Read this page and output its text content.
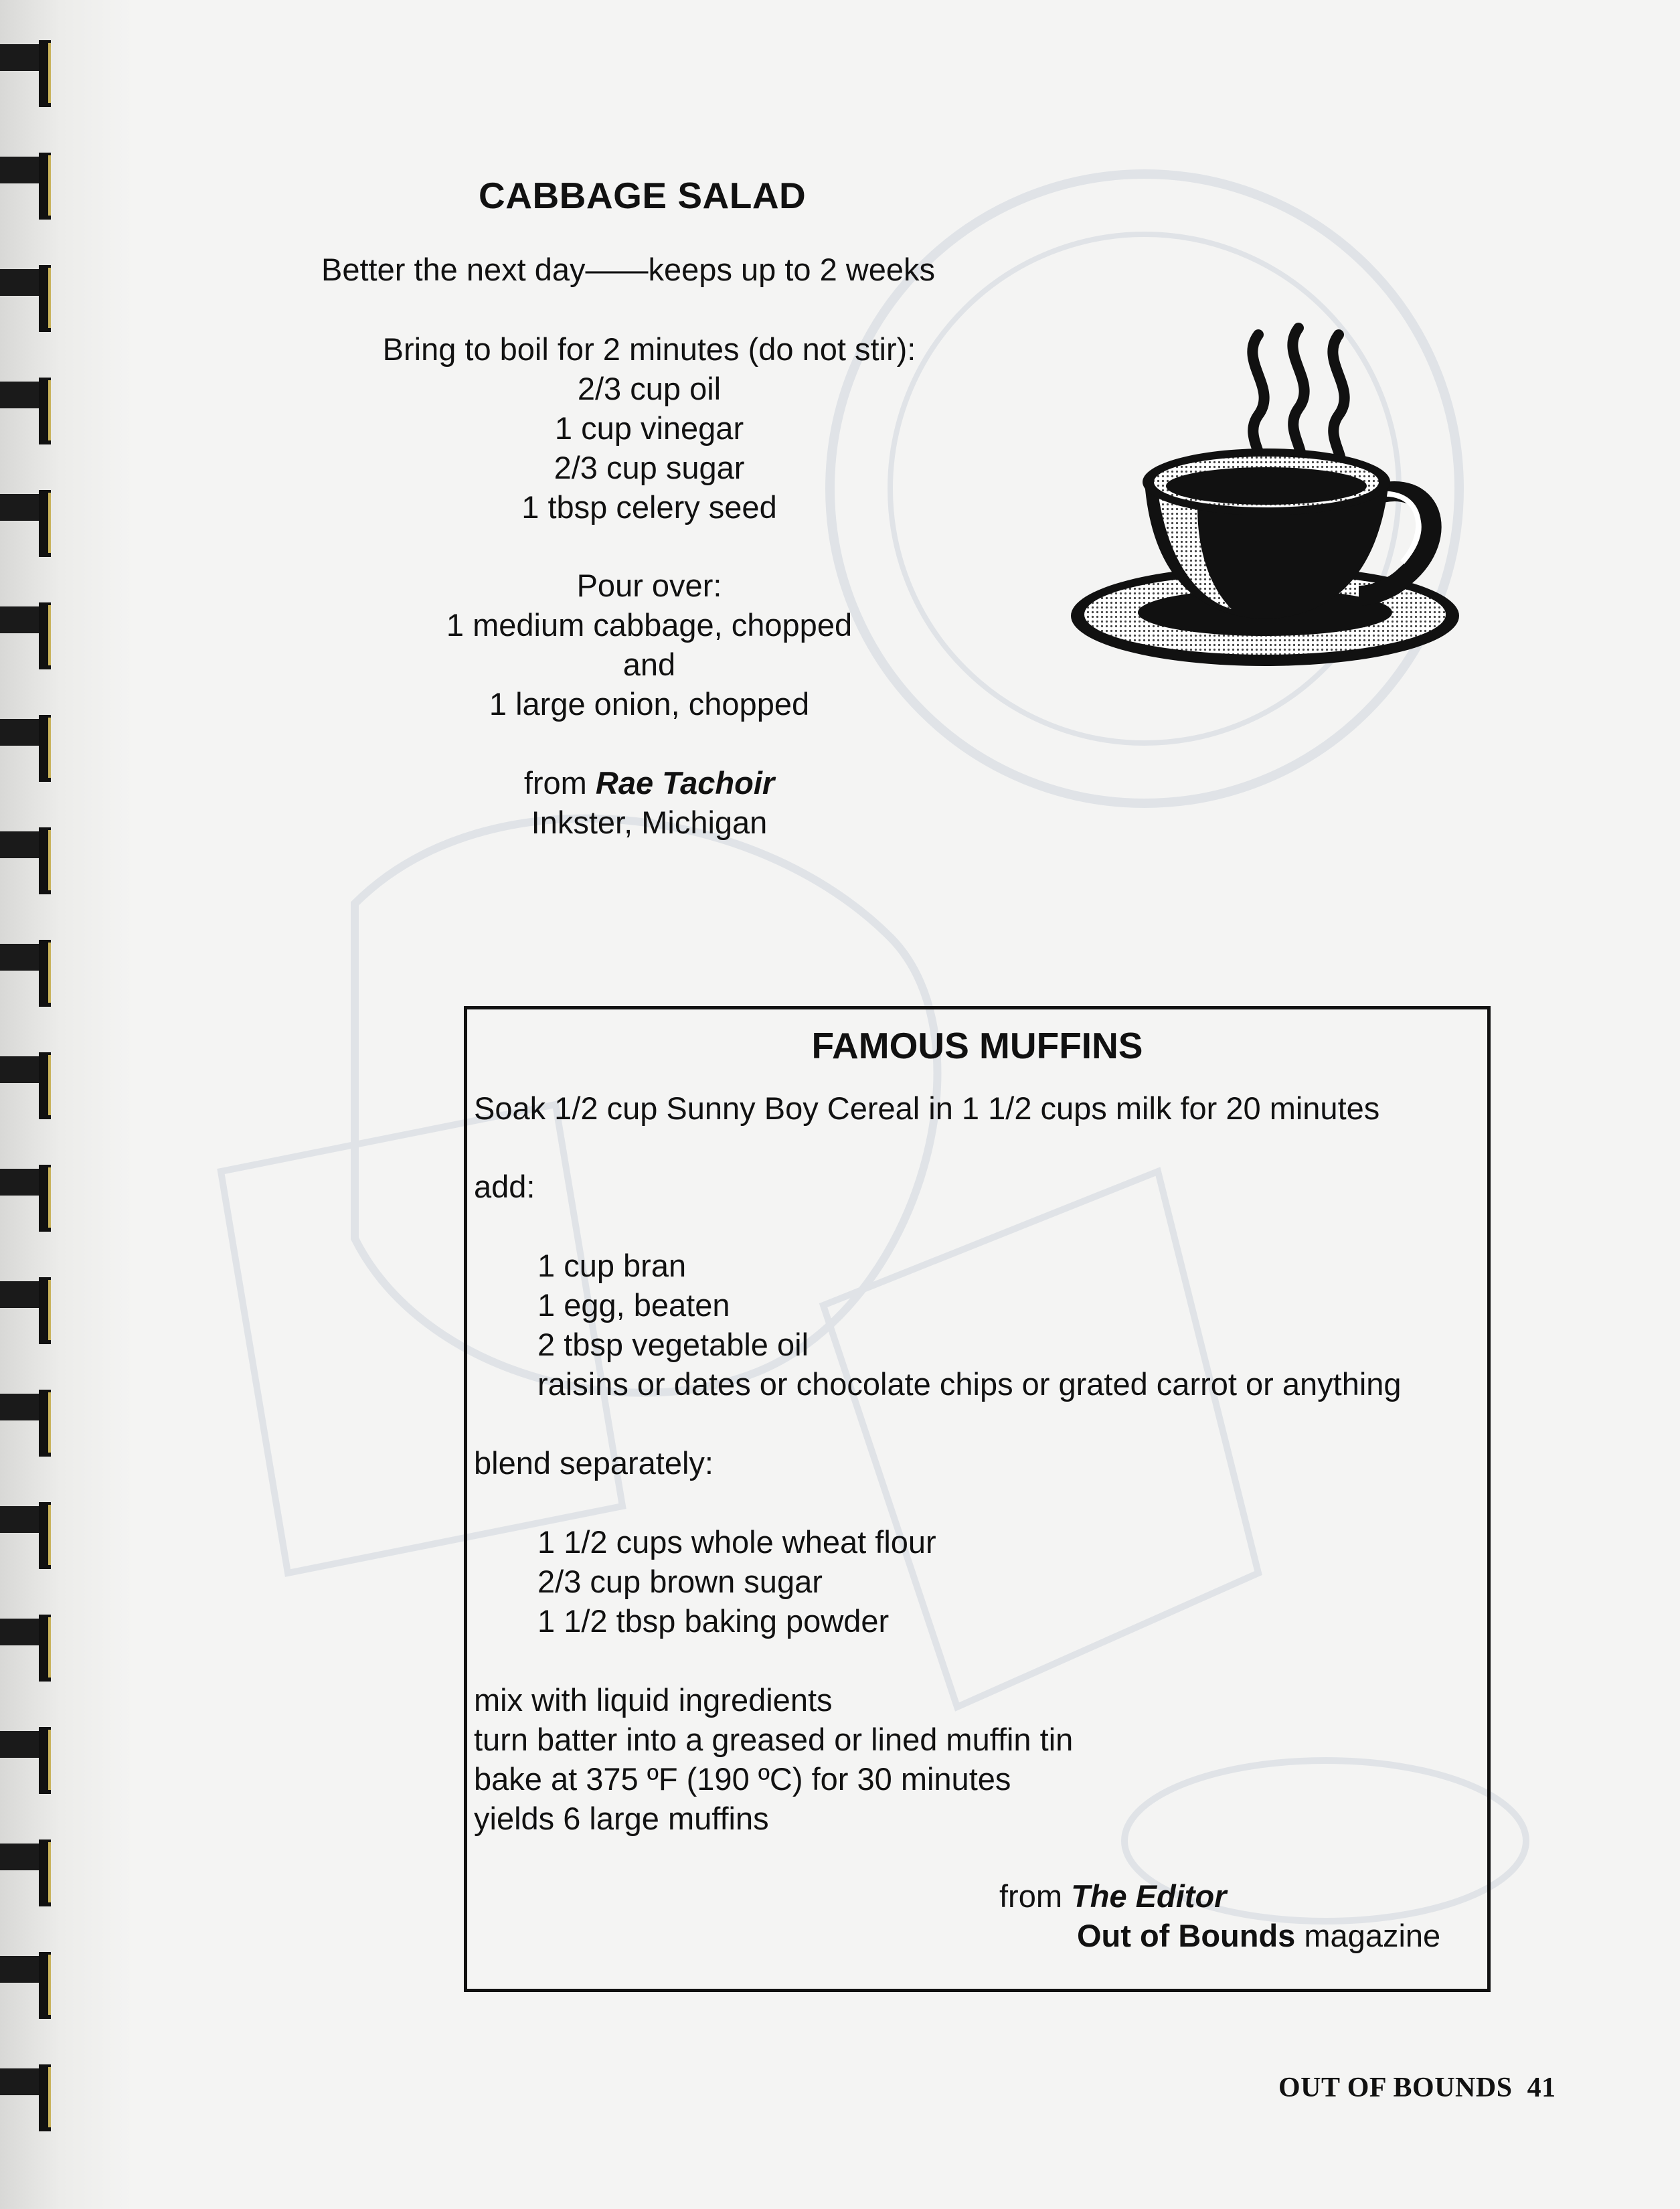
CABBAGE SALAD
Better the next day——keeps up to 2 weeks
Bring to boil for 2 minutes (do not stir):
2/3 cup oil
1 cup vinegar
2/3 cup sugar
1 tbsp celery seed
Pour over:
1 medium cabbage, chopped
and
1 large onion, chopped
from Rae Tachoir
Inkster, Michigan
FAMOUS MUFFINS
Soak 1/2 cup Sunny Boy Cereal in 1 1/2 cups milk for 20 minutes
add:
1 cup bran
1 egg, beaten
2 tbsp vegetable oil
raisins or dates or chocolate chips or grated carrot or anything
blend separately:
1 1/2 cups whole wheat flour
2/3 cup brown sugar
1 1/2 tbsp baking powder
mix with liquid ingredients
turn batter into a greased or lined muffin tin
bake at 375 ºF (190 ºC) for 30 minutes
yields 6 large muffins
from The Editor
Out of Bounds magazine
OUT OF BOUNDS 41
